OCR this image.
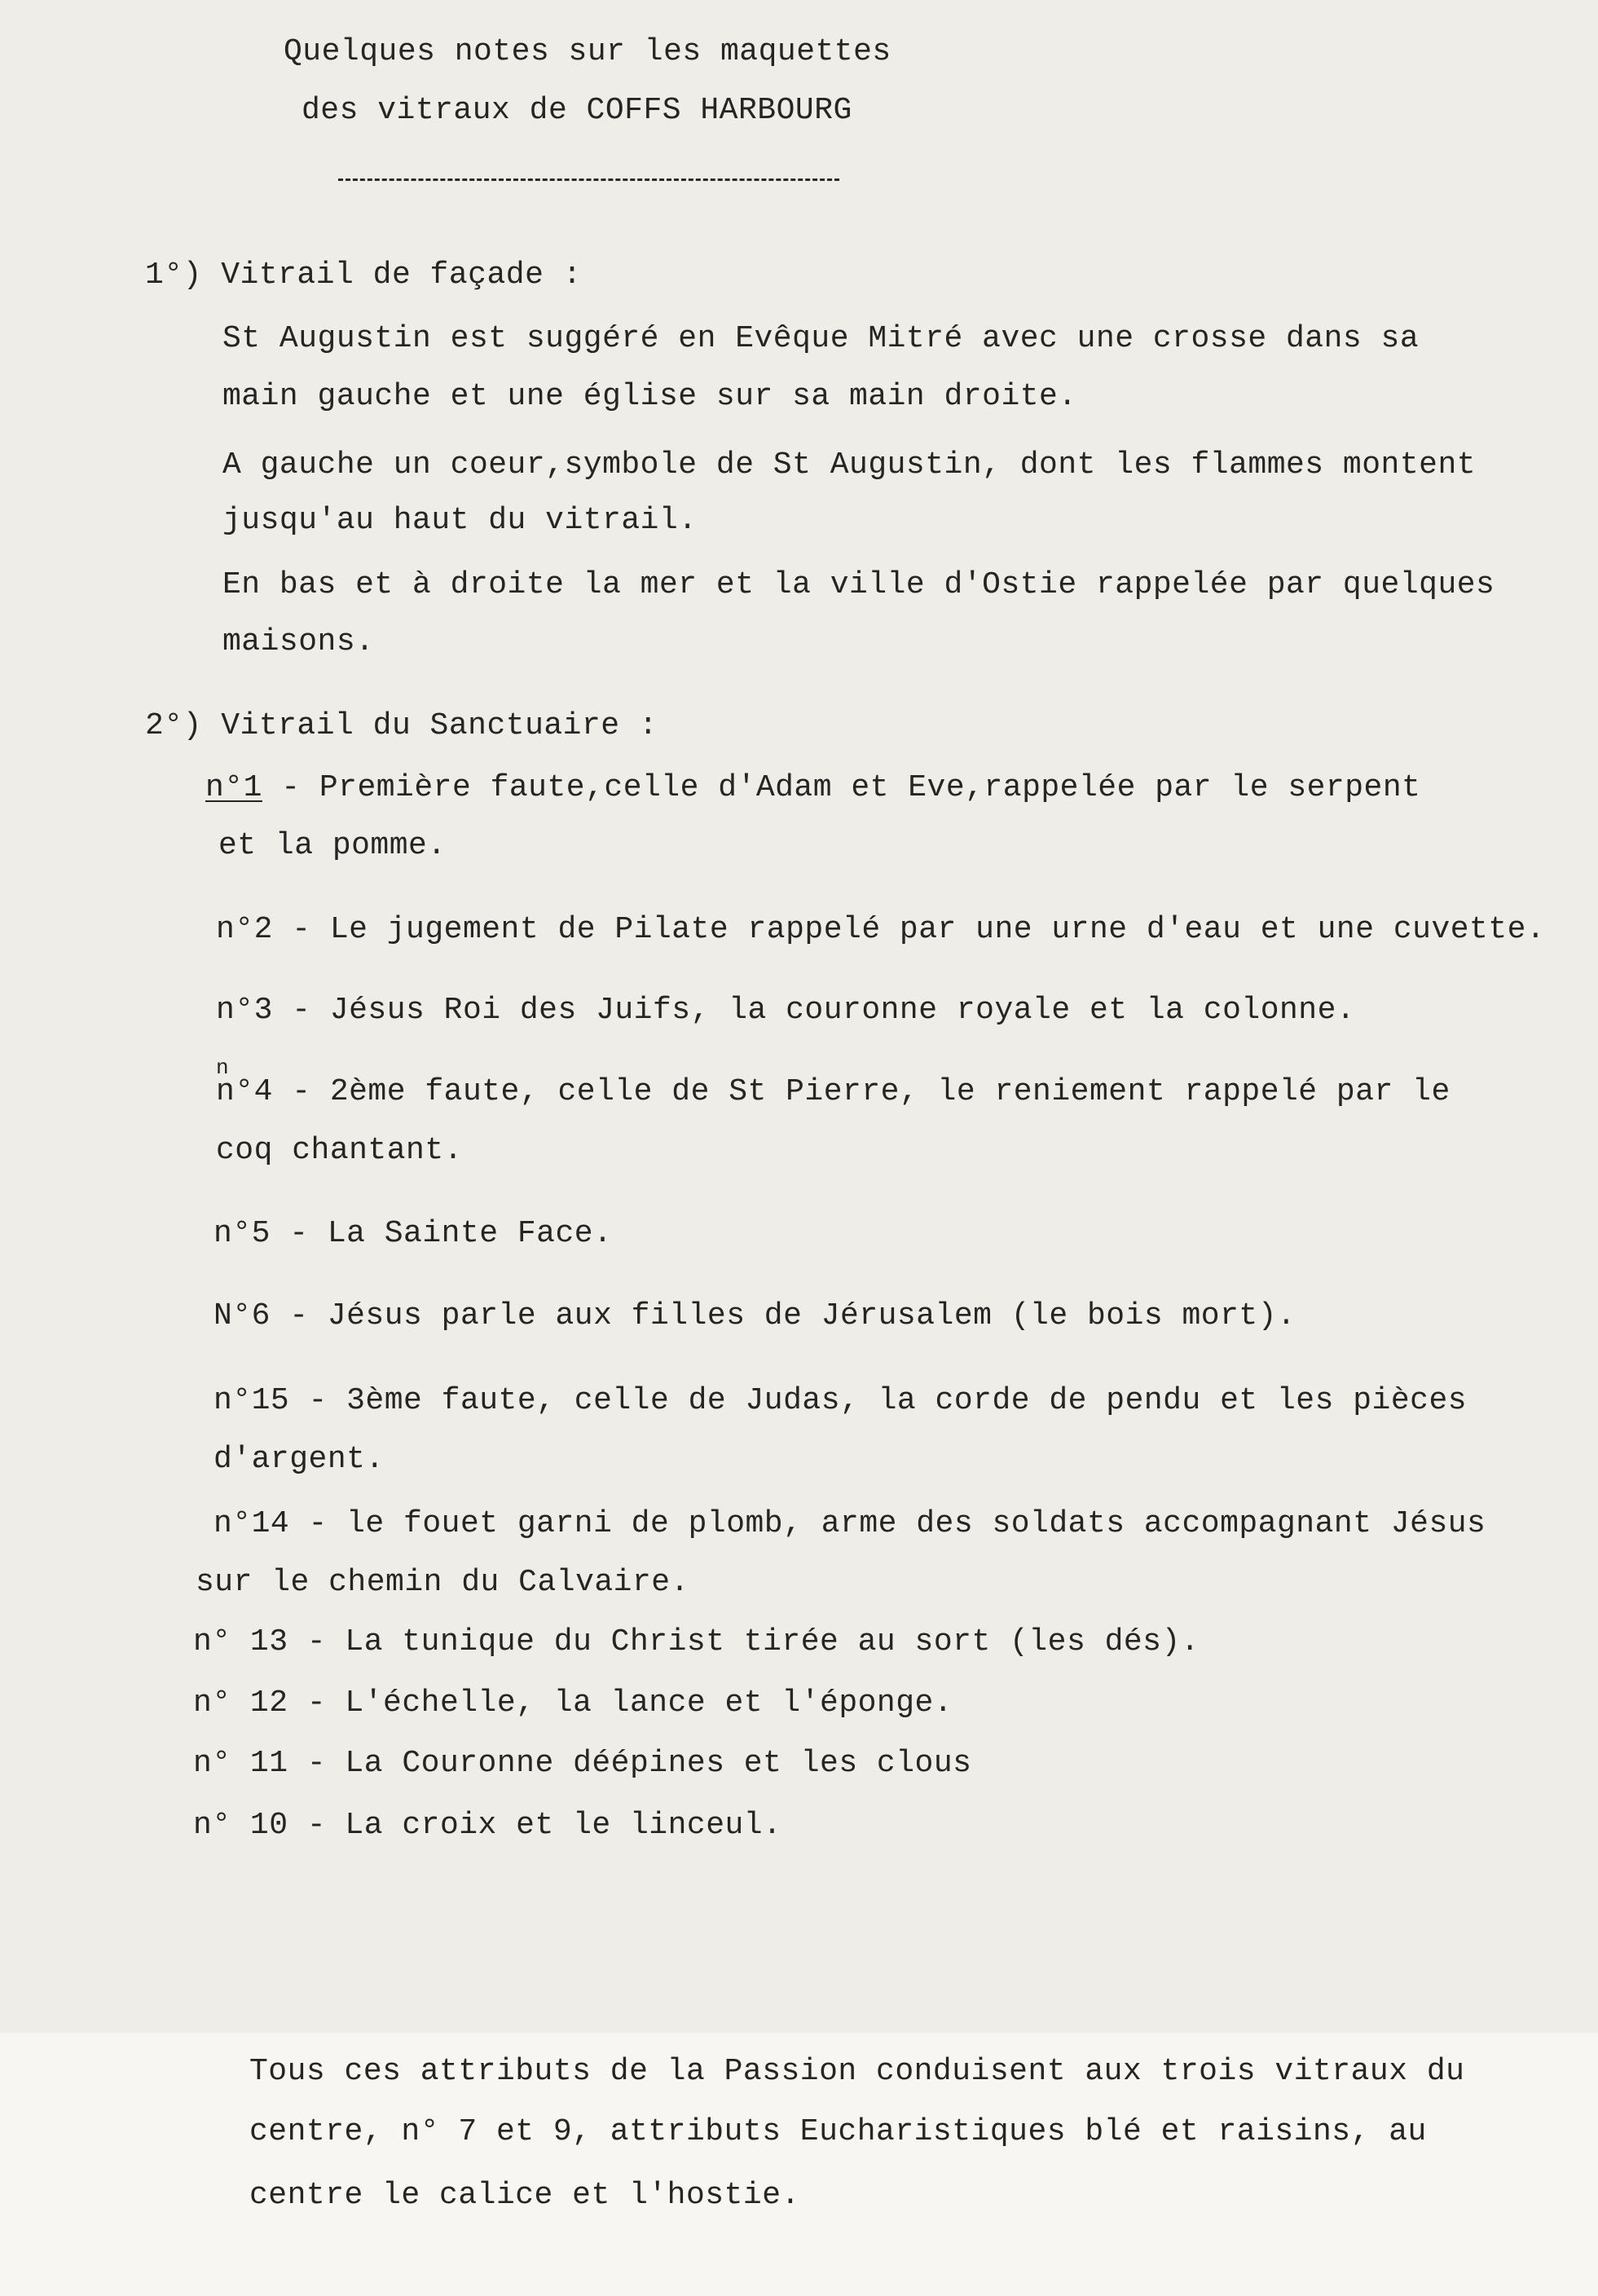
Quelques notes sur les maquettes
des vitraux de COFFS HARBOURG
1°) Vitrail de façade :
St Augustin est suggéré en Evêque Mitré avec une crosse dans sa
main gauche et une église sur sa main droite.
A gauche un coeur,symbole de St Augustin, dont les flammes montent
jusqu'au haut du vitrail.
En bas et à droite la mer et la ville d'Ostie rappelée par quelques
maisons.
2°) Vitrail du Sanctuaire :
n°1 - Première faute,celle d'Adam et Eve,rappelée par le serpent
et la pomme.
n°2 - Le jugement de Pilate rappelé par une urne d'eau et une cuvette.
n°3 - Jésus Roi des Juifs, la couronne royale et la colonne.
n
n°4 - 2ème faute, celle de St Pierre, le reniement rappelé par le
coq chantant.
n°5 - La Sainte Face.
N°6 - Jésus parle aux filles de Jérusalem (le bois mort).
n°15 - 3ème faute, celle de Judas, la corde de pendu et les pièces
d'argent.
n°14 - le fouet garni de plomb, arme des soldats accompagnant Jésus
sur le chemin du Calvaire.
n° 13 - La tunique du Christ tirée au sort (les dés).
n° 12 - L'échelle, la lance et l'éponge.
n° 11 - La Couronne déépines et les clous
n° 10 - La croix et le linceul.
Tous ces attributs de la Passion conduisent aux trois vitraux du
centre, n° 7 et 9, attributs Eucharistiques blé et raisins, au
centre le calice et l'hostie.
